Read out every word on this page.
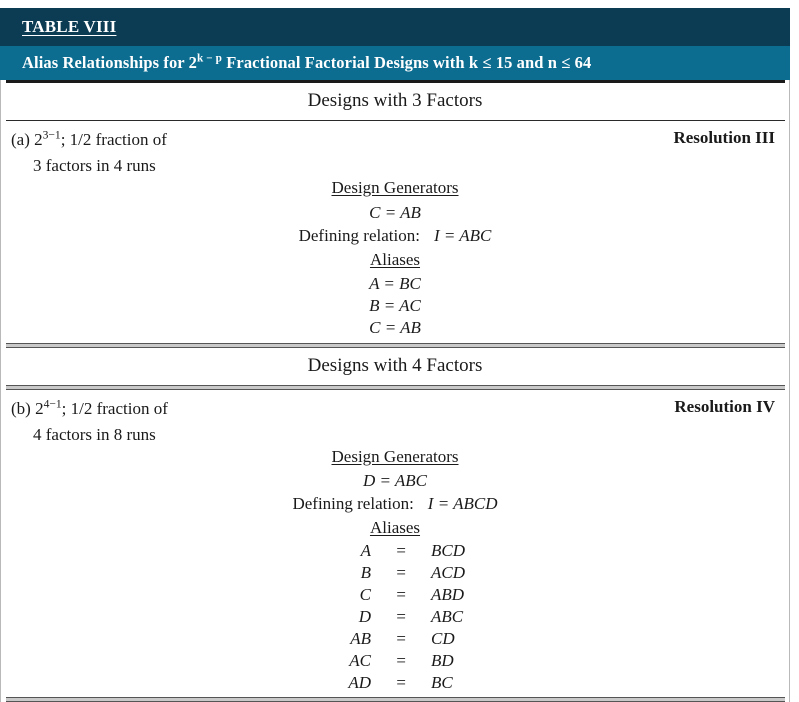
TABLE VIII
Alias Relationships for $2^{k - p}$ Fractional Factorial Designs with k ≤ 15 and n ≤ 64
Designs with 3 Factors
(a) $2^{3-1}$; 1/2 fraction of
3 factors in 4 runs
Resolution III
Design Generators
C = AB
Defining relation: I = ABC
Aliases
A = BC
B = AC
C = AB
Designs with 4 Factors
(b) $2^{4-1}$; 1/2 fraction of
4 factors in 8 runs
Resolution IV
Design Generators
D = ABC
Defining relation: I = ABCD
Aliases
A	=	BCD
B	=	ACD
C	=	ABD
D	=	ABC
AB	=	CD
AC	=	BD
AD	=	BC
